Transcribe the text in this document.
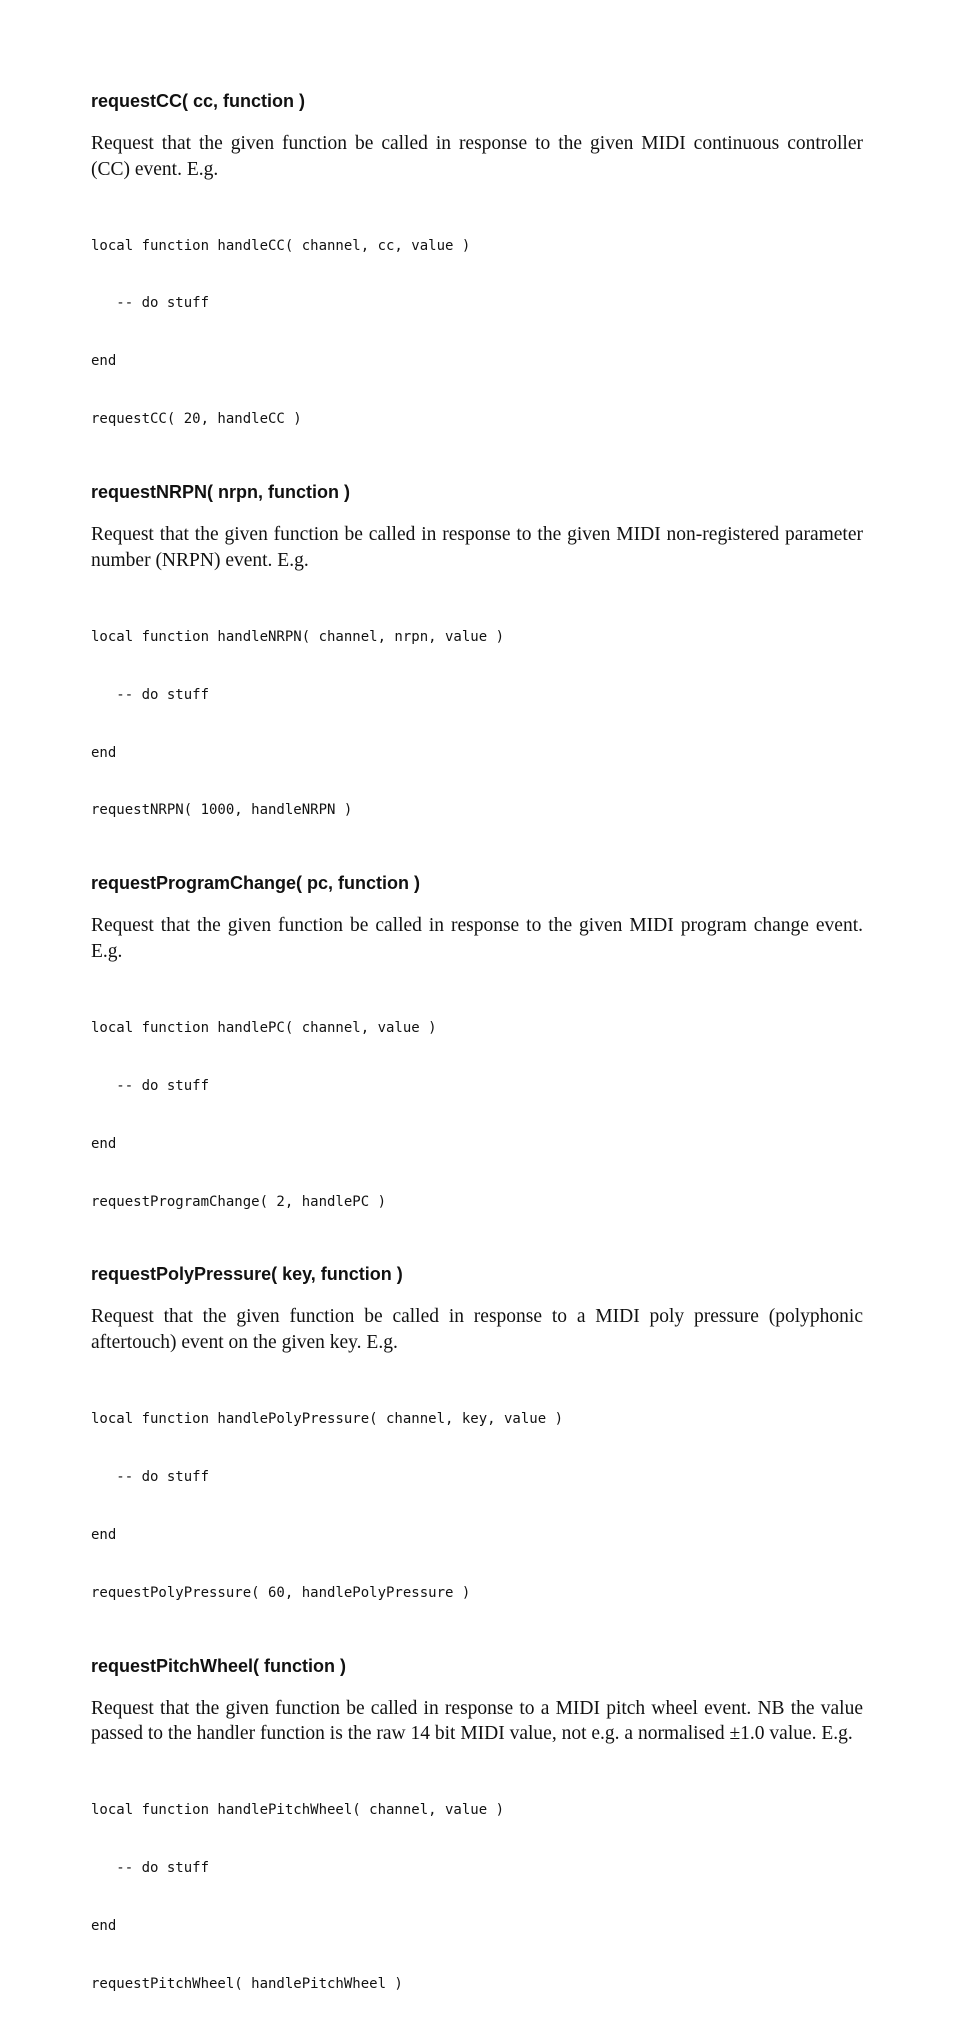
requestCC( cc, function )

Request that the given function be called in response to the given MIDI continuous controller (CC) event. E.g.

local function handleCC( channel, cc, value )

-- do stuff

end

requestCC( 20, handleCC )

requestNRPN( nrpn, function )

Request that the given function be called in response to the given MIDI non-registered parameter number (NRPN) event. E.g.

local function handleNRPN( channel, nrpn, value )

-- do stuff

end

requestNRPN( 1000, handleNRPN )

requestProgramChange( pc, function )

Request that the given function be called in response to the given MIDI program change event. E.g.

local function handlePC( channel, value )

-- do stuff

end

requestProgramChange( 2, handlePC )

requestPolyPressure( key, function )

Request that the given function be called in response to a MIDI poly pressure (polyphonic aftertouch) event on the given key. E.g.

local function handlePolyPressure( channel, key, value )

-- do stuff

end

requestPolyPressure( 60, handlePolyPressure )

requestPitchWheel( function )

Request that the given function be called in response to a MIDI pitch wheel event. NB the value passed to the handler function is the raw 14 bit MIDI value, not e.g. a normalised ±1.0 value. E.g.

local function handlePitchWheel( channel, value )

-- do stuff

end

requestPitchWheel( handlePitchWheel )
